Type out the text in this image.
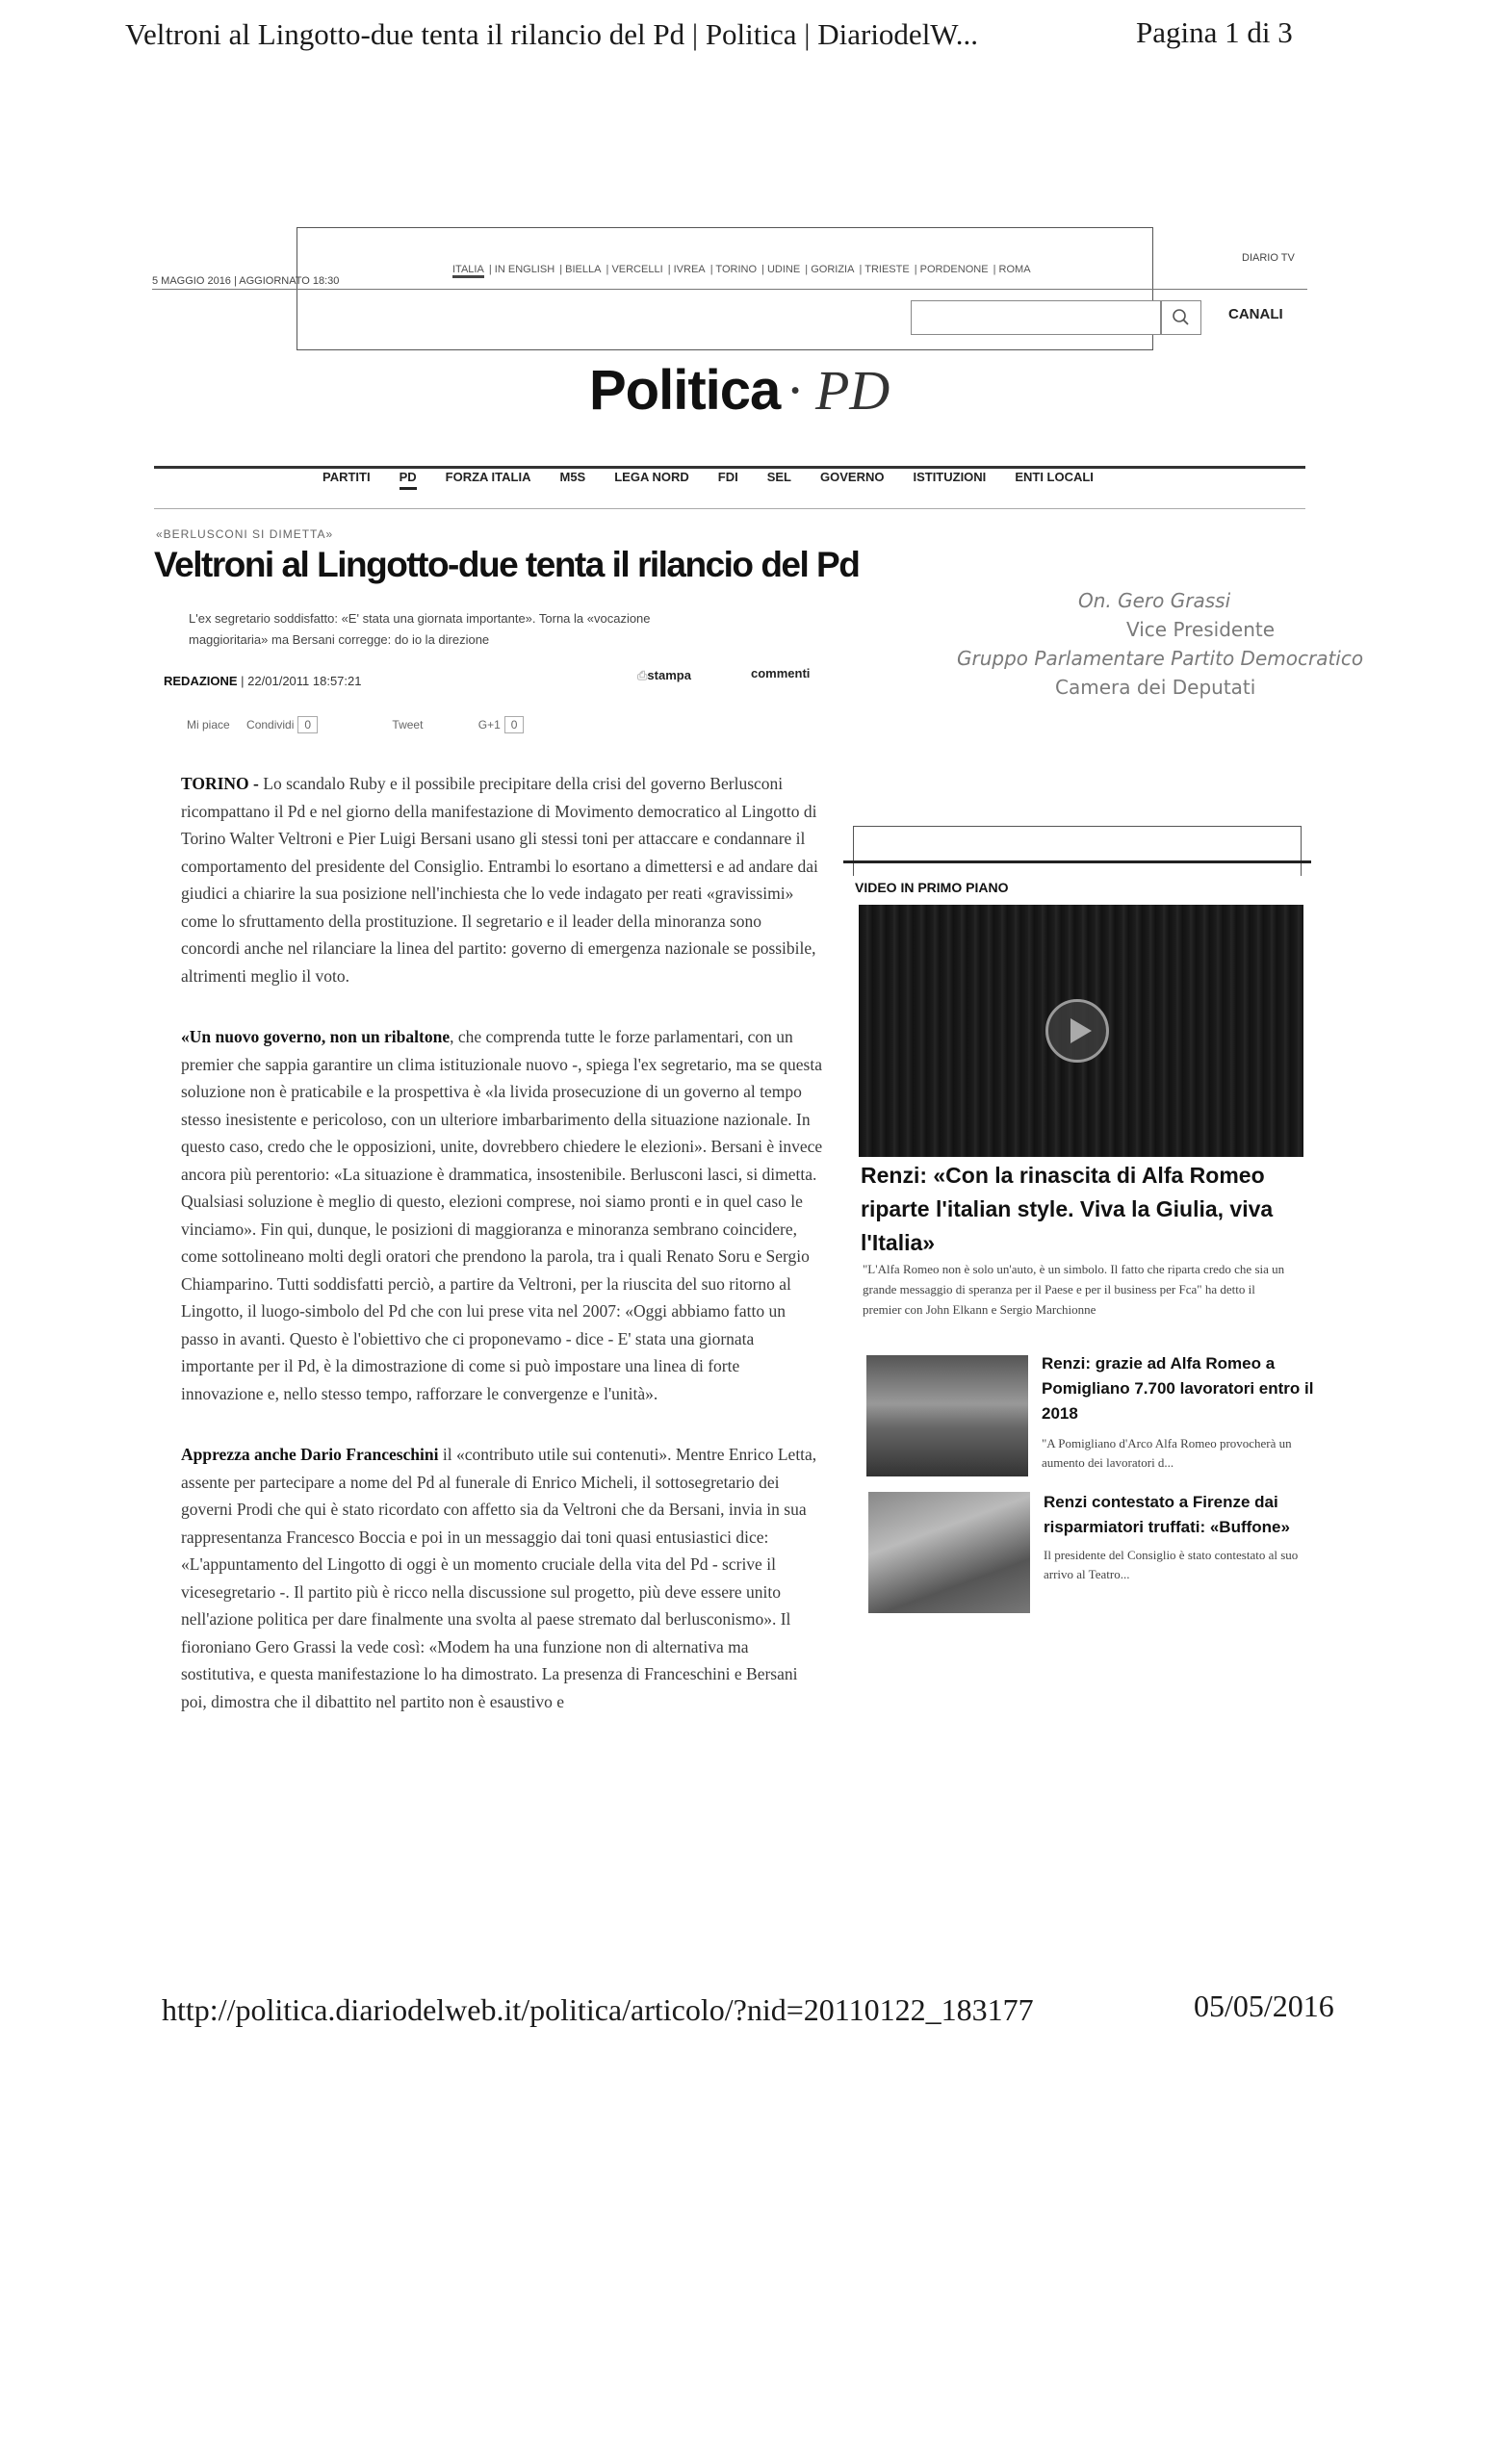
Veltroni al Lingotto-due tenta il rilancio del Pd | Politica | DiariodelW...	Pagina 1 di 3
5 MAGGIO 2016 | AGGIORNATO 18:30
ITALIA | IN ENGLISH | BIELLA | VERCELLI | IVREA | TORINO | UDINE | GORIZIA | TRIESTE | PORDENONE | ROMA
DIARIO TV
CANALI
Politica · PD
PARTITI PD FORZA ITALIA M5S LEGA NORD FDI SEL GOVERNO ISTITUZIONI ENTI LOCALI
«BERLUSCONI SI DIMETTA»
Veltroni al Lingotto-due tenta il rilancio del Pd
L'ex segretario soddisfatto: «E' stata una giornata importante». Torna la «vocazione maggioritaria» ma Bersani corregge: do io la direzione
REDAZIONE | 22/01/2011 18:57:21	⎙stampa	commenti
Mi piace Condividi 0	Tweet	G+1 0
On. Gero Grassi
Vice Presidente
Gruppo Parlamentare Partito Democratico
Camera dei Deputati

TORINO - Lo scandalo Ruby e il possibile precipitare della crisi del governo Berlusconi ricompattano il Pd e nel giorno della manifestazione di Movimento democratico al Lingotto di Torino Walter Veltroni e Pier Luigi Bersani usano gli stessi toni per attaccare e condannare il comportamento del presidente del Consiglio. Entrambi lo esortano a dimettersi e ad andare dai giudici a chiarire la sua posizione nell'inchiesta che lo vede indagato per reati «gravissimi» come lo sfruttamento della prostituzione. Il segretario e il leader della minoranza sono concordi anche nel rilanciare la linea del partito: governo di emergenza nazionale se possibile, altrimenti meglio il voto.

«Un nuovo governo, non un ribaltone, che comprenda tutte le forze parlamentari, con un premier che sappia garantire un clima istituzionale nuovo -, spiega l'ex segretario, ma se questa soluzione non è praticabile e la prospettiva è «la livida prosecuzione di un governo al tempo stesso inesistente e pericoloso, con un ulteriore imbarbarimento della situazione nazionale. In questo caso, credo che le opposizioni, unite, dovrebbero chiedere le elezioni». Bersani è invece ancora più perentorio: «La situazione è drammatica, insostenibile. Berlusconi lasci, si dimetta. Qualsiasi soluzione è meglio di questo, elezioni comprese, noi siamo pronti e in quel caso le vinciamo». Fin qui, dunque, le posizioni di maggioranza e minoranza sembrano coincidere, come sottolineano molti degli oratori che prendono la parola, tra i quali Renato Soru e Sergio Chiamparino. Tutti soddisfatti perciò, a partire da Veltroni, per la riuscita del suo ritorno al Lingotto, il luogo-simbolo del Pd che con lui prese vita nel 2007: «Oggi abbiamo fatto un passo in avanti. Questo è l'obiettivo che ci proponevamo - dice - E' stata una giornata importante per il Pd, è la dimostrazione di come si può impostare una linea di forte innovazione e, nello stesso tempo, rafforzare le convergenze e l'unità».

Apprezza anche Dario Franceschini il «contributo utile sui contenuti». Mentre Enrico Letta, assente per partecipare a nome del Pd al funerale di Enrico Micheli, il sottosegretario dei governi Prodi che qui è stato ricordato con affetto sia da Veltroni che da Bersani, invia in sua rappresentanza Francesco Boccia e poi in un messaggio dai toni quasi entusiastici dice: «L'appuntamento del Lingotto di oggi è un momento cruciale della vita del Pd - scrive il vicesegretario -. Il partito più è ricco nella discussione sul progetto, più deve essere unito nell'azione politica per dare finalmente una svolta al paese stremato dal berlusconismo». Il fioroniano Gero Grassi la vede così: «Modem ha una funzione non di alternativa ma sostitutiva, e questa manifestazione lo ha dimostrato. La presenza di Franceschini e Bersani poi, dimostra che il dibattito nel partito non è esaustivo e

VIDEO IN PRIMO PIANO
Renzi: «Con la rinascita di Alfa Romeo riparte l'italian style. Viva la Giulia, viva l'Italia»
"L'Alfa Romeo non è solo un'auto, è un simbolo. Il fatto che riparta credo che sia un grande messaggio di speranza per il Paese e per il business per Fca" ha detto il premier con John Elkann e Sergio Marchionne
Renzi: grazie ad Alfa Romeo a Pomigliano 7.700 lavoratori entro il 2018
"A Pomigliano d'Arco Alfa Romeo provocherà un aumento dei lavoratori d...
Renzi contestato a Firenze dai risparmiatori truffati: «Buffone»
Il presidente del Consiglio è stato contestato al suo arrivo al Teatro...
http://politica.diariodelweb.it/politica/articolo/?nid=20110122_183177	05/05/2016
